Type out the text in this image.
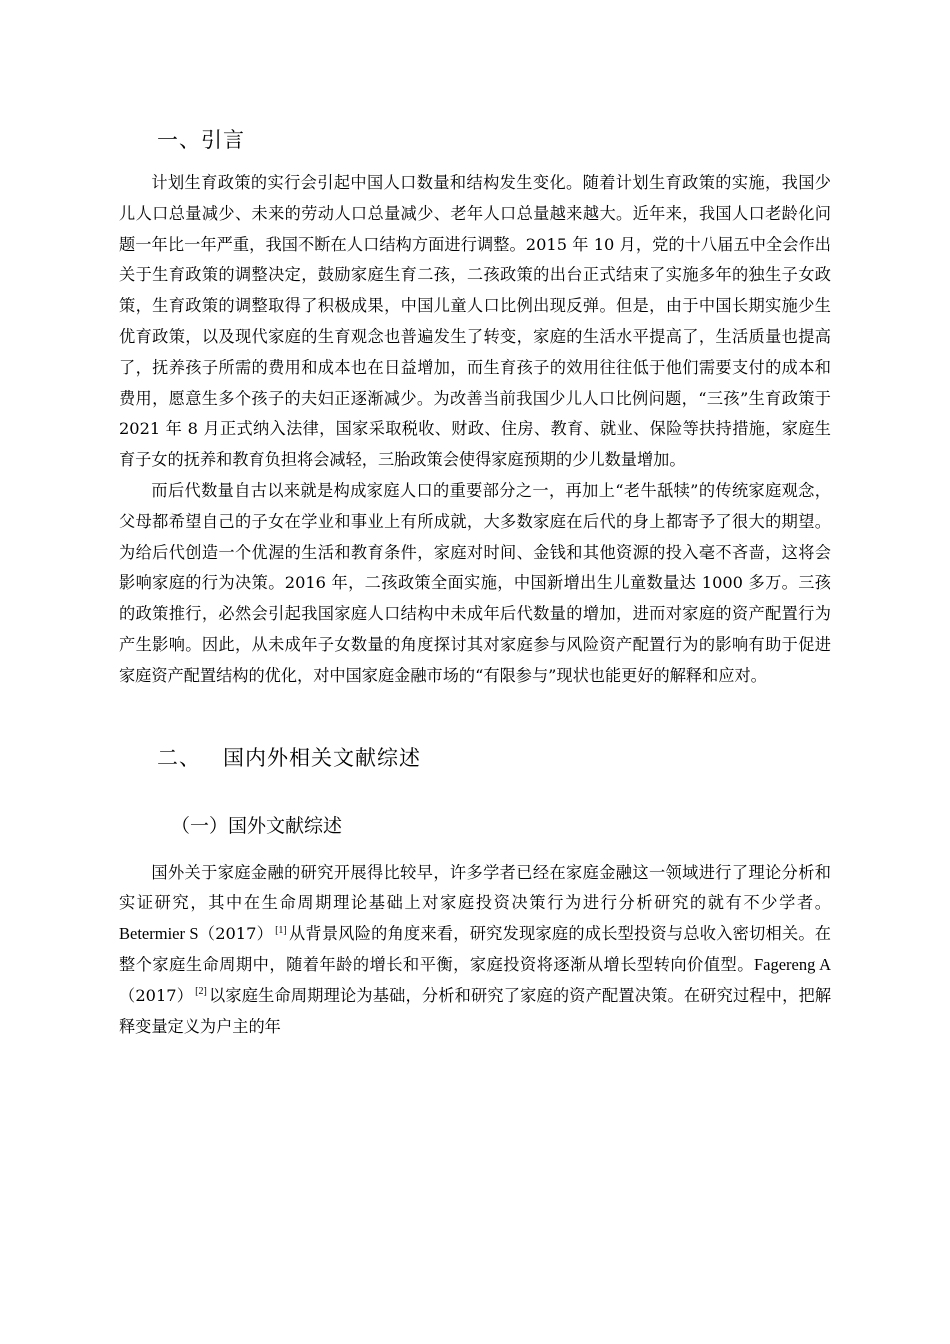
一、引言

计划生育政策的实行会引起中国人口数量和结构发生变化。随着计划生育政策的实施，我国少儿人口总量减少、未来的劳动人口总量减少、老年人口总量越来越大。近年来，我国人口老龄化问题一年比一年严重，我国不断在人口结构方面进行调整。2015 年 10 月，党的十八届五中全会作出关于生育政策的调整决定，鼓励家庭生育二孩，二孩政策的出台正式结束了实施多年的独生子女政策，生育政策的调整取得了积极成果，中国儿童人口比例出现反弹。但是，由于中国长期实施少生优育政策，以及现代家庭的生育观念也普遍发生了转变，家庭的生活水平提高了，生活质量也提高了，抚养孩子所需的费用和成本也在日益增加，而生育孩子的效用往往低于他们需要支付的成本和费用，愿意生多个孩子的夫妇正逐渐减少。为改善当前我国少儿人口比例问题，“三孩”生育政策于 2021 年 8 月正式纳入法律，国家采取税收、财政、住房、教育、就业、保险等扶持措施，家庭生育子女的抚养和教育负担将会减轻，三胎政策会使得家庭预期的少儿数量增加。

而后代数量自古以来就是构成家庭人口的重要部分之一，再加上“老牛舐犊”的传统家庭观念，父母都希望自己的子女在学业和事业上有所成就，大多数家庭在后代的身上都寄予了很大的期望。为给后代创造一个优渥的生活和教育条件，家庭对时间、金钱和其他资源的投入毫不吝啬，这将会影响家庭的行为决策。2016 年，二孩政策全面实施，中国新增出生儿童数量达 1000 多万。三孩的政策推行，必然会引起我国家庭人口结构中未成年后代数量的增加，进而对家庭的资产配置行为产生影响。因此，从未成年子女数量的角度探讨其对家庭参与风险资产配置行为的影响有助于促进家庭资产配置结构的优化，对中国家庭金融市场的“有限参与”现状也能更好的解释和应对。

二、 国内外相关文献综述
（一）国外文献综述

国外关于家庭金融的研究开展得比较早，许多学者已经在家庭金融这一领域进行了理论分析和实证研究，其中在生命周期理论基础上对家庭投资决策行为进行分析研究的就有不少学者。Betermier S（2017） [1] 从背景风险的角度来看，研究发现家庭的成长型投资与总收入密切相关。在整个家庭生命周期中，随着年龄的增长和平衡，家庭投资将逐渐从增长型转向价值型。Fagereng A（2017） [2] 以家庭生命周期理论为基础，分析和研究了家庭的资产配置决策。在研究过程中，把解释变量定义为户主的年
